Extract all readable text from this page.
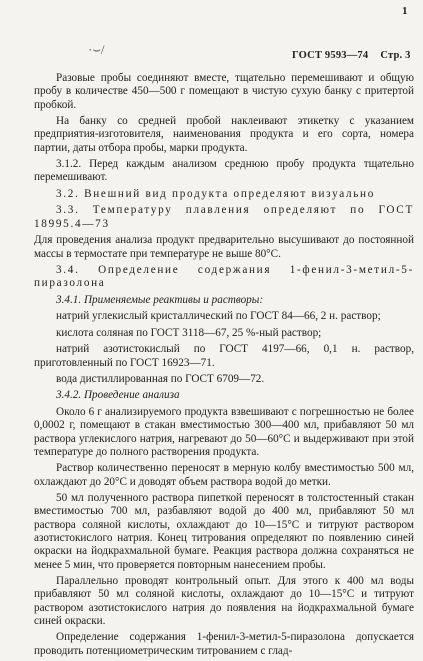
1
·⌣/	ГОСТ 9593—74 Стр. 3

Разовые пробы соединяют вместе, тщательно перемешивают и общую пробу в количестве 450—500 г помещают в чистую сухую банку с притертой пробкой.

На банку со средней пробой наклеивают этикетку с указанием предприятия-изготовителя, наименования продукта и его сорта, номера партии, даты отбора пробы, марки продукта.

3.1.2. Перед каждым анализом среднюю пробу продукта тщательно перемешивают.

3.2. Внешний вид продукта определяют визуально

3.3. Температуру плавления определяют по ГОСТ 18995.4—73

Для проведения анализа продукт предварительно высушивают до постоянной массы в термостате при температуре не выше 80°С.

3.4. Определение содержания 1-фенил-3-метил-5-пиразолона

3.4.1. Применяемые реактивы и растворы:

натрий углекислый кристаллический по ГОСТ 84—66, 2 н. раствор;

кислота соляная по ГОСТ 3118—67, 25 %-ный раствор;

натрий азотистокислый по ГОСТ 4197—66, 0,1 н. раствор, приготовленный по ГОСТ 16923—71.

вода дистиллированная по ГОСТ 6709—72.

3.4.2. Проведение анализа

Около 6 г анализируемого продукта взвешивают с погрешностью не более 0,0002 г, помещают в стакан вместимостью 300—400 мл, прибавляют 50 мл раствора углекислого натрия, нагревают до 50—60°С и выдерживают при этой температуре до полного растворения продукта.

Раствор количественно переносят в мерную колбу вместимостью 500 мл, охлаждают до 20°С и доводят объем раствора водой до метки.

50 мл полученного раствора пипеткой переносят в толстостенный стакан вместимостью 700 мл, разбавляют водой до 400 мл, прибавляют 50 мл раствора соляной кислоты, охлаждают до 10—15°С и титруют раствором азотистокислого натрия. Конец титрования определяют по появлению синей окраски на йодкрахмальной бумаге. Реакция раствора должна сохраняться не менее 5 мин, что проверяется повторным нанесением пробы.

Параллельно проводят контрольный опыт. Для этого к 400 мл воды прибавляют 50 мл соляной кислоты, охлаждают до 10—15°С и титруют раствором азотистокислого натрия до появления на йодкрахмальной бумаге синей окраски.

Определение содержания 1-фенил-3-метил-5-пиразолона допускается проводить потенциометрическим титрованием с глад-
